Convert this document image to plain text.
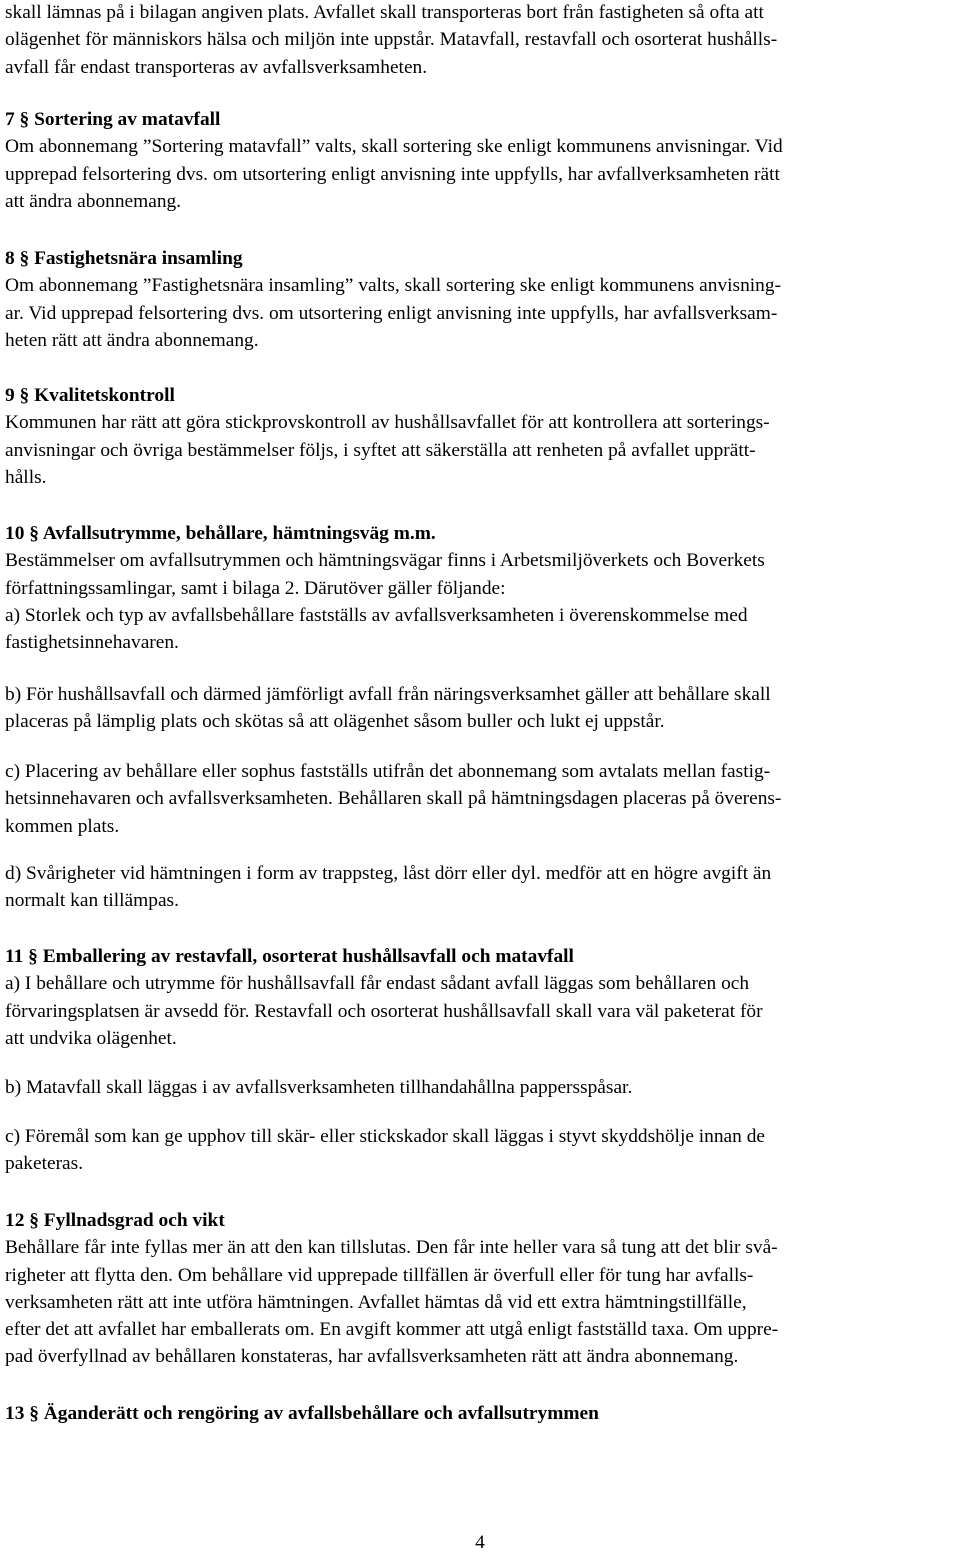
skall lämnas på i bilagan angiven plats. Avfallet skall transporteras bort från fastigheten så ofta att

olägenhet för människors hälsa och miljön inte uppstår. Matavfall, restavfall och osorterat hushålls-

avfall får endast transporteras av avfallsverksamheten.

7 § Sortering av matavfall

Om abonnemang ”Sortering matavfall” valts, skall sortering ske enligt kommunens anvisningar. Vid

upprepad felsortering dvs. om utsortering enligt anvisning inte uppfylls, har avfallverksamheten rätt

att ändra abonnemang.

8 § Fastighetsnära insamling

Om abonnemang ”Fastighetsnära insamling” valts, skall sortering ske enligt kommunens anvisning-

ar. Vid upprepad felsortering dvs. om utsortering enligt anvisning inte uppfylls, har avfallsverksam-

heten rätt att ändra abonnemang.

9 § Kvalitetskontroll

Kommunen har rätt att göra stickprovskontroll av hushållsavfallet för att kontrollera att sorterings-

anvisningar och övriga bestämmelser följs, i syftet att säkerställa att renheten på avfallet upprätt-

hålls.

10 § Avfallsutrymme, behållare, hämtningsväg m.m.

Bestämmelser om avfallsutrymmen och hämtningsvägar finns i Arbetsmiljöverkets och Boverkets

författningssamlingar, samt i bilaga 2. Därutöver gäller följande:

a) Storlek och typ av avfallsbehållare fastställs av avfallsverksamheten i överenskommelse med

fastighetsinnehavaren.

b) För hushållsavfall och därmed jämförligt avfall från näringsverksamhet gäller att behållare skall

placeras på lämplig plats och skötas så att olägenhet såsom buller och lukt ej uppstår.

c) Placering av behållare eller sophus fastställs utifrån det abonnemang som avtalats mellan fastig-

hetsinnehavaren och avfallsverksamheten. Behållaren skall på hämtningsdagen placeras på överens-

kommen plats.

d) Svårigheter vid hämtningen i form av trappsteg, låst dörr eller dyl. medför att en högre avgift än

normalt kan tillämpas.

11 § Emballering av restavfall, osorterat hushållsavfall och matavfall

a) I behållare och utrymme för hushållsavfall får endast sådant avfall läggas som behållaren och

förvaringsplatsen är avsedd för. Restavfall och osorterat hushållsavfall skall vara väl paketerat för

att undvika olägenhet.

b) Matavfall skall läggas i av avfallsverksamheten tillhandahållna pappersspåsar.

c) Föremål som kan ge upphov till skär- eller stickskador skall läggas i styvt skyddshölje innan de

paketeras.

12 § Fyllnadsgrad och vikt

Behållare får inte fyllas mer än att den kan tillslutas. Den får inte heller vara så tung att det blir svå-

righeter att flytta den. Om behållare vid upprepade tillfällen är överfull eller för tung har avfalls-

verksamheten rätt att inte utföra hämtningen. Avfallet hämtas då vid ett extra hämtningstillfälle,

efter det att avfallet har emballerats om. En avgift kommer att utgå enligt fastställd taxa. Om uppre-

pad överfyllnad av behållaren konstateras, har avfallsverksamheten rätt att ändra abonnemang.

13 § Äganderätt och rengöring av avfallsbehållare och avfallsutrymmen

4
